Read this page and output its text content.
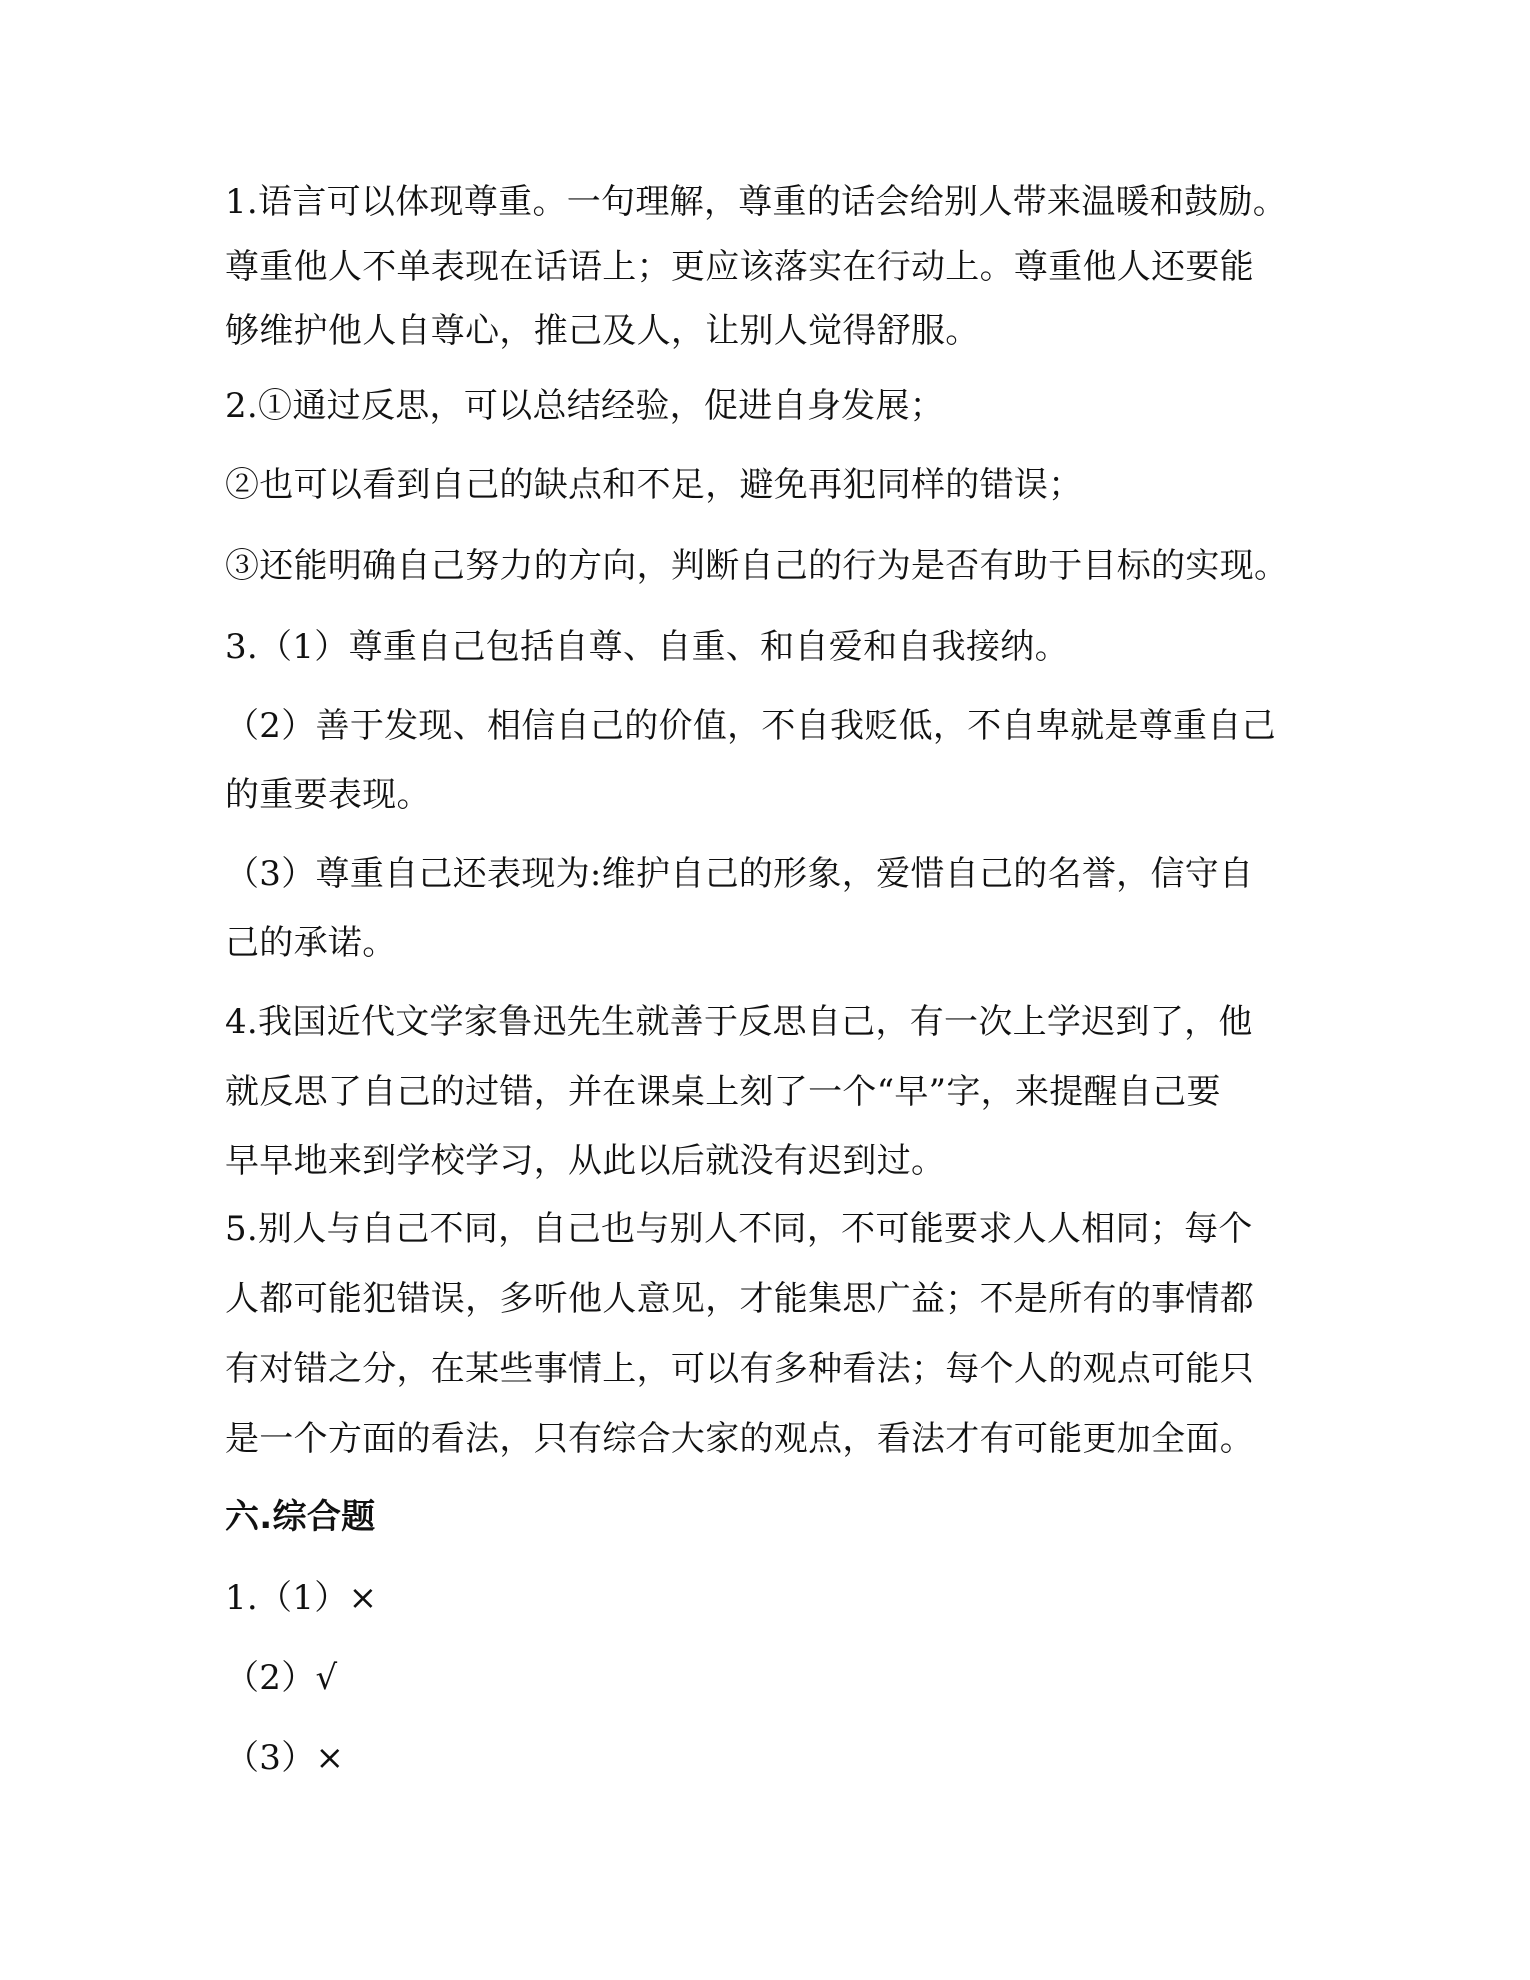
1.语言可以体现尊重。一句理解，尊重的话会给别人带来温暖和鼓励。
尊重他人不单表现在话语上；更应该落实在行动上。尊重他人还要能
够维护他人自尊心，推己及人，让别人觉得舒服。
2.①通过反思，可以总结经验，促进自身发展；
②也可以看到自己的缺点和不足，避免再犯同样的错误；
③还能明确自己努力的方向，判断自己的行为是否有助于目标的实现。
3.（1）尊重自己包括自尊、自重、和自爱和自我接纳。
（2）善于发现、相信自己的价值，不自我贬低，不自卑就是尊重自己
的重要表现。
（3）尊重自己还表现为:维护自己的形象，爱惜自己的名誉，信守自
己的承诺。
4.我国近代文学家鲁迅先生就善于反思自己，有一次上学迟到了，他
就反思了自己的过错，并在课桌上刻了一个“早”字，来提醒自己要
早早地来到学校学习，从此以后就没有迟到过。
5.别人与自己不同，自己也与别人不同，不可能要求人人相同；每个
人都可能犯错误，多听他人意见，才能集思广益；不是所有的事情都
有对错之分，在某些事情上，可以有多种看法；每个人的观点可能只
是一个方面的看法，只有综合大家的观点，看法才有可能更加全面。
六.综合题
1.（1）×
（2）√
（3）×
